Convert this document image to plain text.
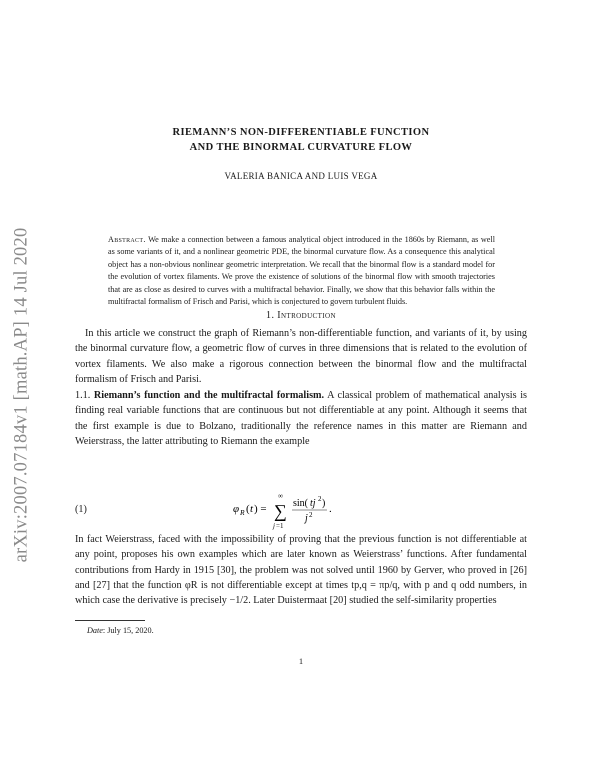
arXiv:2007.07184v1 [math.AP] 14 Jul 2020
RIEMANN’S NON-DIFFERENTIABLE FUNCTION
AND THE BINORMAL CURVATURE FLOW
VALERIA BANICA AND LUIS VEGA
Abstract. We make a connection between a famous analytical object introduced in the 1860s by Riemann, as well as some variants of it, and a nonlinear geometric PDE, the binormal curvature flow. As a consequence this analytical object has a non-obvious nonlinear geometric interpretation. We recall that the binormal flow is a standard model for the evolution of vortex filaments. We prove the existence of solutions of the binormal flow with smooth trajectories that are as close as desired to curves with a multifractal behavior. Finally, we show that this behavior falls within the multifractal formalism of Frisch and Parisi, which is conjectured to govern turbulent fluids.
1. Introduction
In this article we construct the graph of Riemann’s non-differentiable function, and variants of it, by using the binormal curvature flow, a geometric flow of curves in three dimensions that is related to the evolution of vortex filaments. We also make a rigorous connection between the binormal flow and the multifractal formalism of Frisch and Parisi.
1.1. Riemann’s function and the multifractal formalism. A classical problem of mathematical analysis is finding real variable functions that are continuous but not differentiable at any point. Although it seems that the first example is due to Bolzano, traditionally the reference names in this matter are Riemann and Weierstrass, the latter attributing to Riemann the example
(1)	φ R ( t ) =
∞
∑
j =1
sin( tj 2 )
j 2 .
In fact Weierstrass, faced with the impossibility of proving that the previous function is not differentiable at any point, proposes his own examples which are later known as Weierstrass’ functions. After fundamental contributions from Hardy in 1915 [30], the problem was not solved until 1960 by Gerver, who proved in [26] and [27] that the function φR is not differentiable except at times tp,q = πp/q, with p and q odd numbers, in which case the derivative is precisely −1/2. Later Duistermaat [20] studied the self-similarity properties
Date: July 15, 2020.
1
